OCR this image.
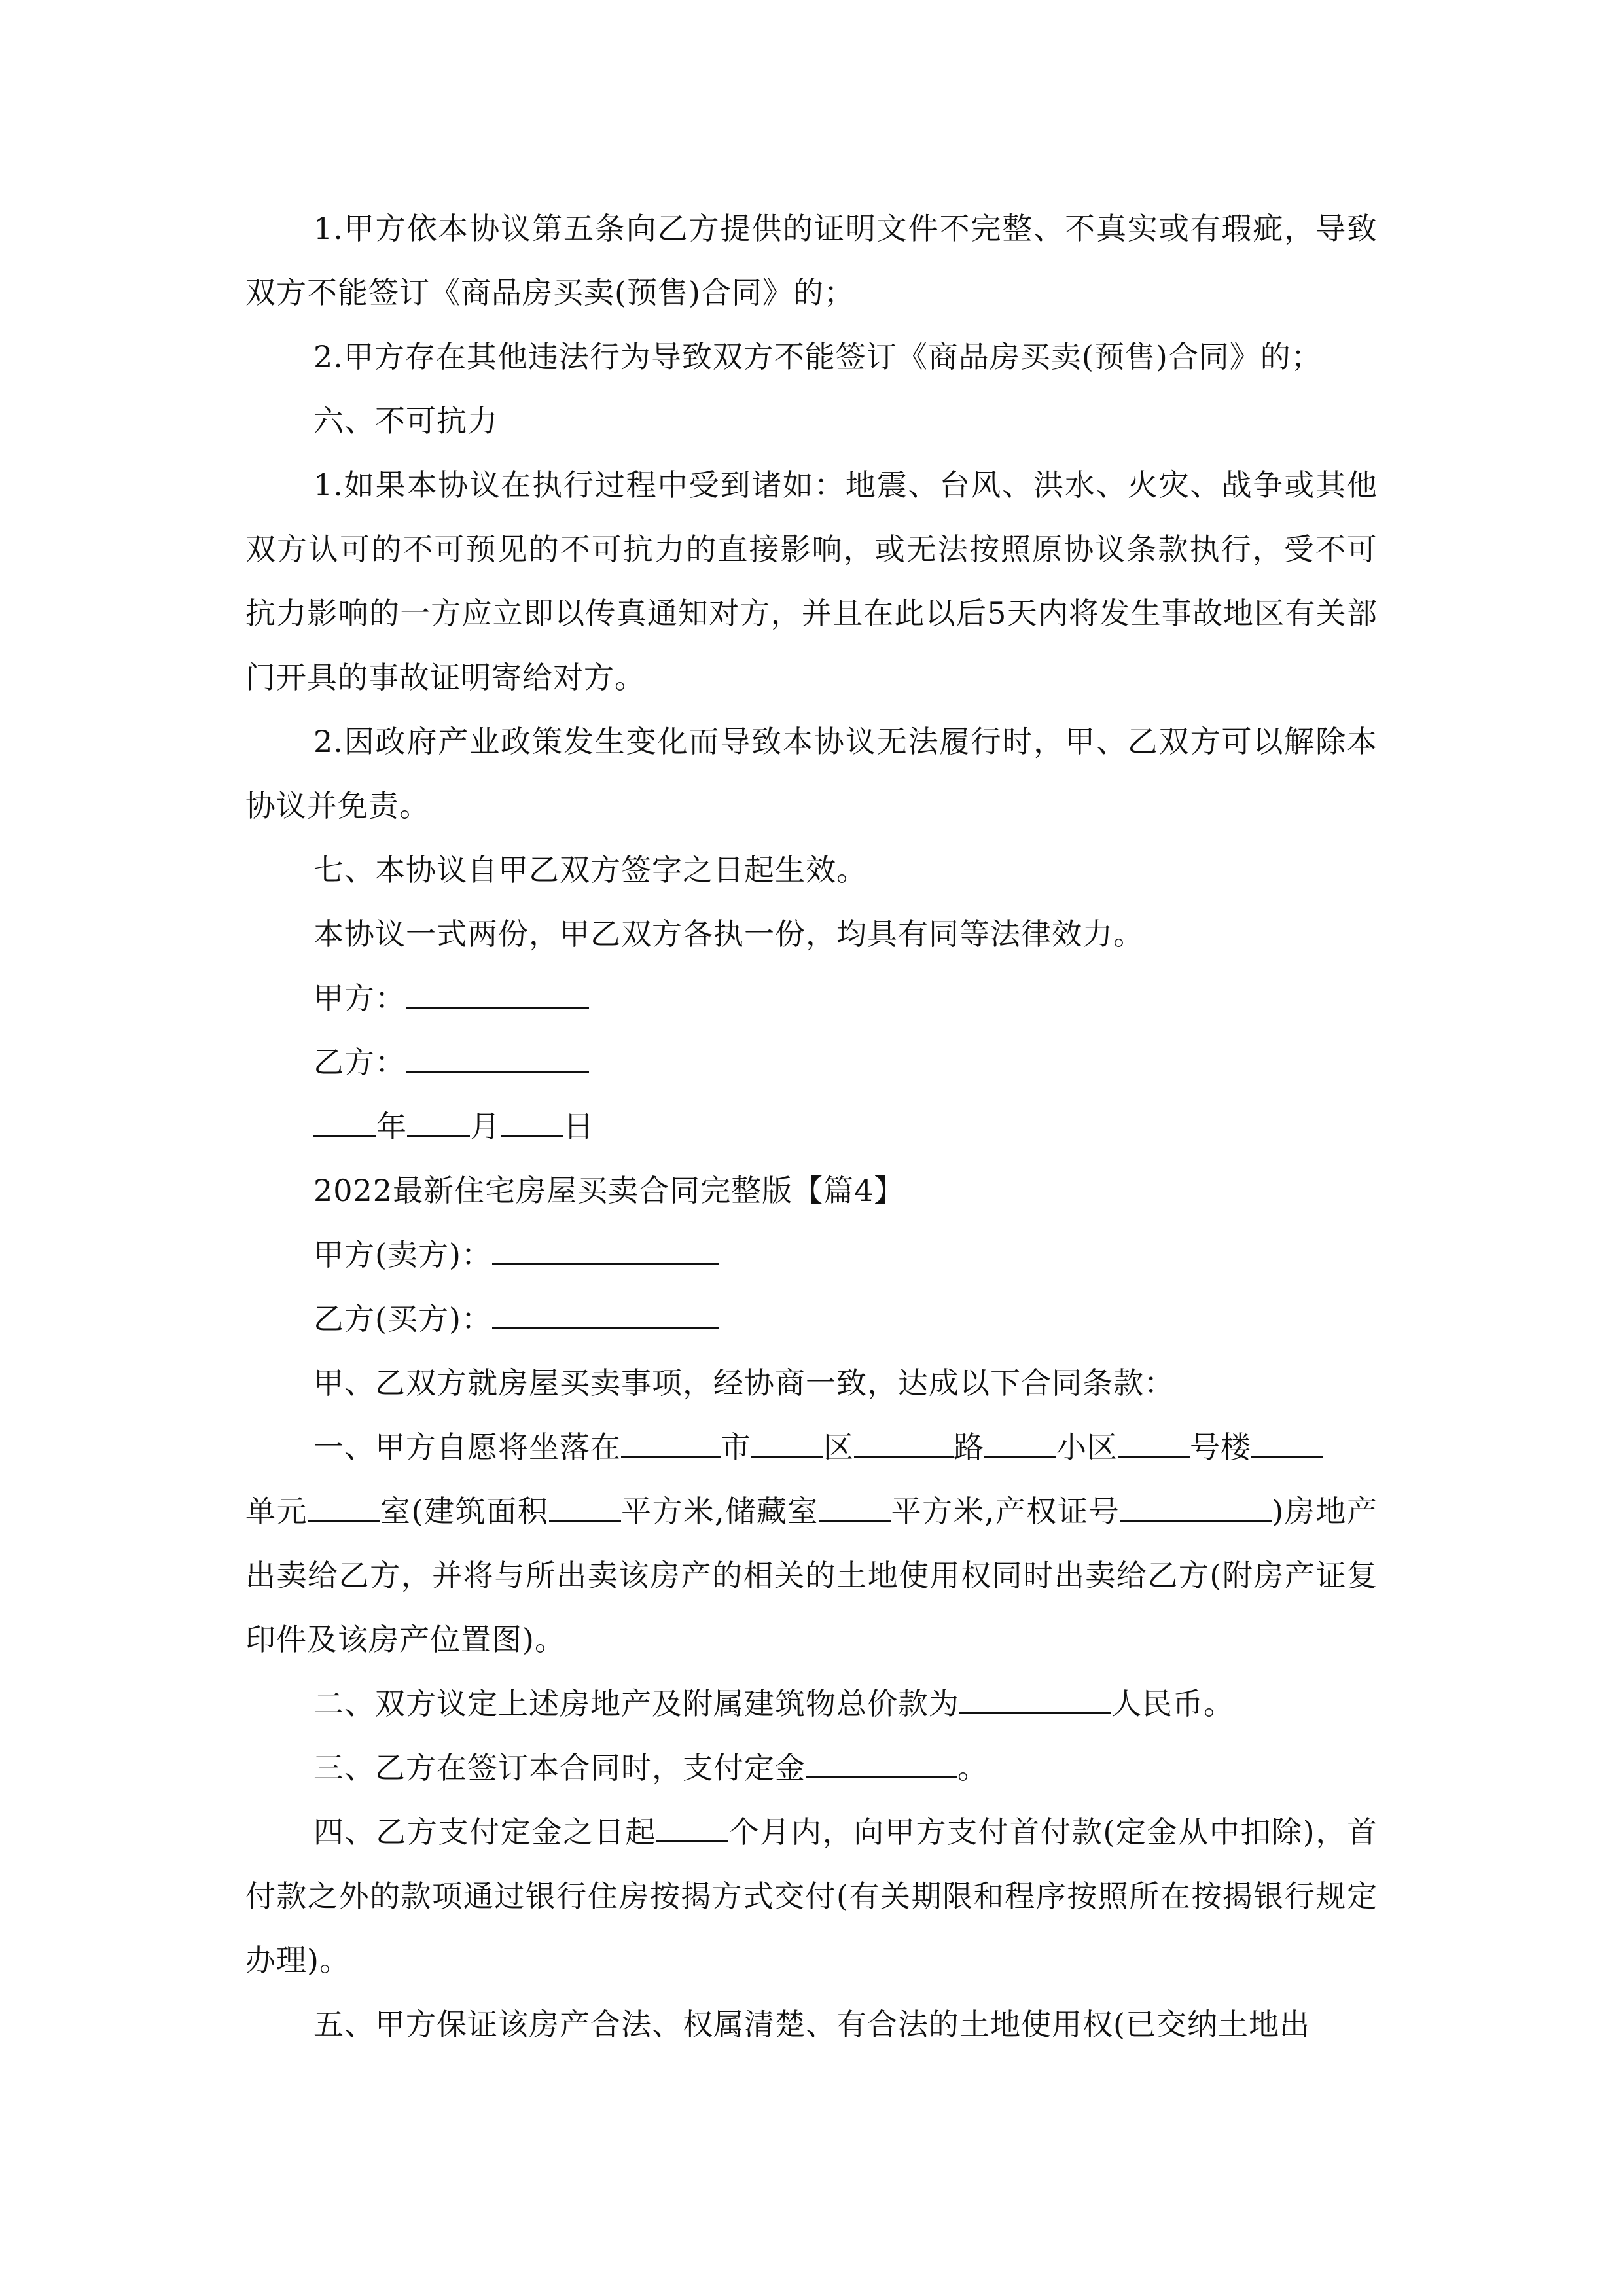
1.甲方依本协议第五条向乙方提供的证明文件不完整、不真实或有瑕疵，导致双方不能签订《商品房买卖(预售)合同》的；

2.甲方存在其他违法行为导致双方不能签订《商品房买卖(预售)合同》的；

六、不可抗力

1.如果本协议在执行过程中受到诸如：地震、台风、洪水、火灾、战争或其他双方认可的不可预见的不可抗力的直接影响，或无法按照原协议条款执行，受不可抗力影响的一方应立即以传真通知对方，并且在此以后5天内将发生事故地区有关部门开具的事故证明寄给对方。

2.因政府产业政策发生变化而导致本协议无法履行时，甲、乙双方可以解除本协议并免责。

七、本协议自甲乙双方签字之日起生效。

本协议一式两份，甲乙双方各执一份，均具有同等法律效力。

甲方：

乙方：

年 月 日

2022最新住宅房屋买卖合同完整版【篇4】

甲方(卖方)：

乙方(买方)：

甲、乙双方就房屋买卖事项，经协商一致，达成以下合同条款：

一、甲方自愿将坐落在	市 区	路 小区 号楼
单元 室(建筑面积 平方米,储藏室 平方米,产权证号	)房地产出卖给乙方，并将与所出卖该房产的相关的土地使用权同时出卖给乙方(附房产证复印件及该房产位置图)。

二、双方议定上述房地产及附属建筑物总价款为	人民币。

三、乙方在签订本合同时，支付定金	。

四、乙方支付定金之日起 个月内，向甲方支付首付款(定金从中扣除)，首付款之外的款项通过银行住房按揭方式交付(有关期限和程序按照所在按揭银行规定办理)。

五、甲方保证该房产合法、权属清楚、有合法的土地使用权(已交纳土地出
